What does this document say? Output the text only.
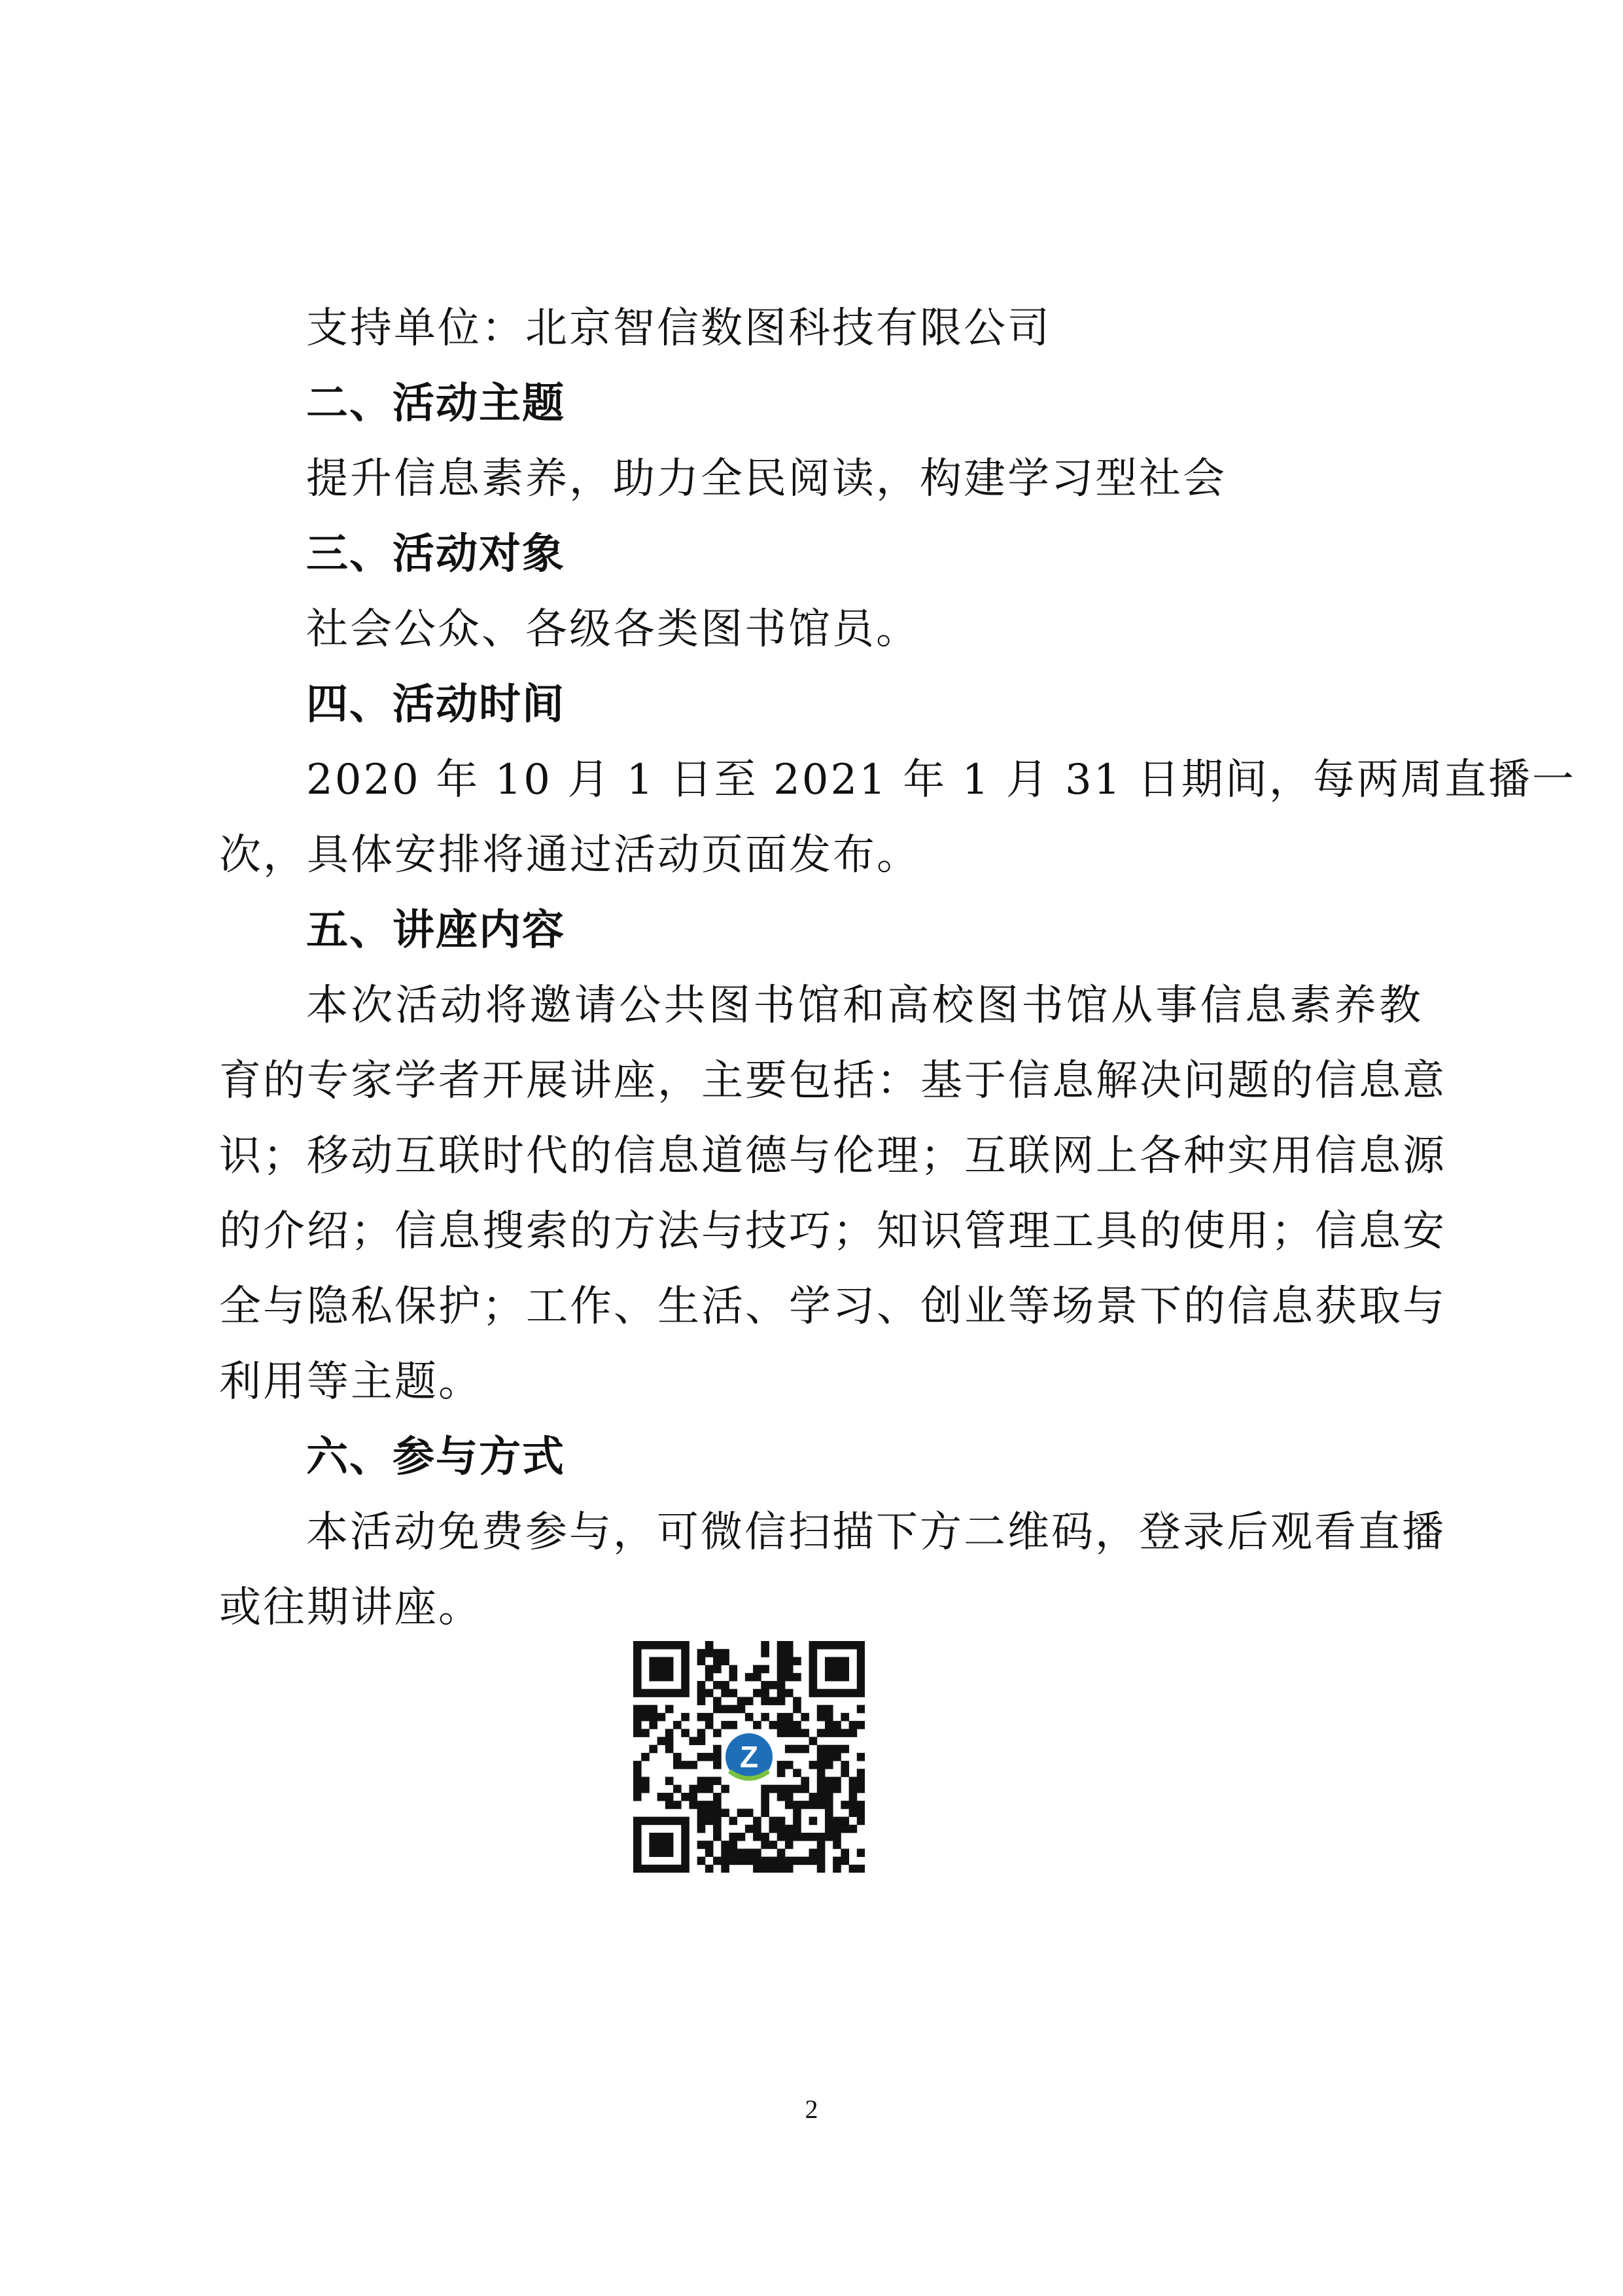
支持单位：北京智信数图科技有限公司
二、活动主题
提升信息素养，助力全民阅读，构建学习型社会
三、活动对象
社会公众、各级各类图书馆员。
四、活动时间
2020 年 10 月 1 日至 2021 年 1 月 31 日期间，每两周直播一
次，具体安排将通过活动页面发布。
五、讲座内容
本次活动将邀请公共图书馆和高校图书馆从事信息素养教
育的专家学者开展讲座，主要包括：基于信息解决问题的信息意
识；移动互联时代的信息道德与伦理；互联网上各种实用信息源
的介绍；信息搜索的方法与技巧；知识管理工具的使用；信息安
全与隐私保护；工作、生活、学习、创业等场景下的信息获取与
利用等主题。
六、参与方式
本活动免费参与，可微信扫描下方二维码，登录后观看直播
或往期讲座。
Z
2
